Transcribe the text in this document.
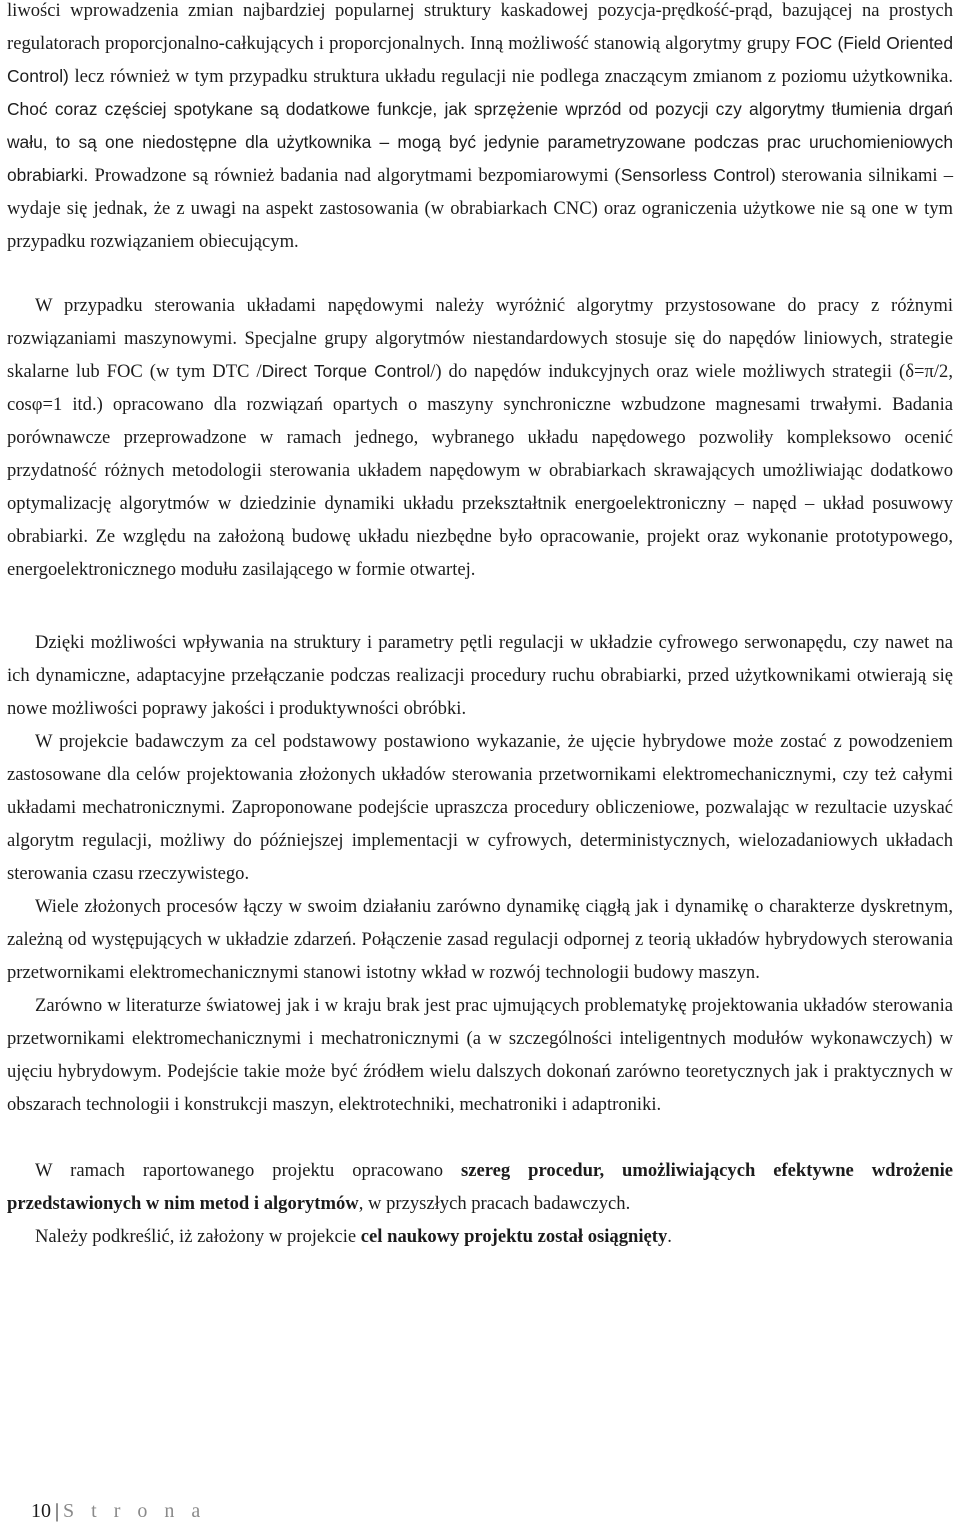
liwości wprowadzenia zmian najbardziej popularnej struktury kaskadowej pozycja-prędkość-prąd, bazującej na prostych regulatorach proporcjonalno-całkujących i proporcjonalnych. Inną możliwość stanowią algorytmy grupy FOC (Field Oriented Control) lecz również w tym przypadku struktura układu regulacji nie podlega znaczącym zmianom z poziomu użytkownika. Choć coraz częściej spotykane są dodatkowe funkcje, jak sprzężenie wprzód od pozycji czy algorytmy tłumienia drgań wału, to są one niedostępne dla użytkownika – mogą być jedynie parametryzowane podczas prac uruchomieniowych obrabiarki. Prowadzone są również badania nad algorytmami bezpomiarowymi (Sensorless Control) sterowania silnikami – wydaje się jednak, że z uwagi na aspekt zastosowania (w obrabiarkach CNC) oraz ograniczenia użytkowe nie są one w tym przypadku rozwiązaniem obiecującym.

W przypadku sterowania układami napędowymi należy wyróżnić algorytmy przystosowane do pracy z różnymi rozwiązaniami maszynowymi. Specjalne grupy algorytmów niestandardowych stosuje się do napędów liniowych, strategie skalarne lub FOC (w tym DTC /Direct Torque Control/) do napędów indukcyjnych oraz wiele możliwych strategii (δ=π/2, cosφ=1 itd.) opracowano dla rozwiązań opartych o maszyny synchroniczne wzbudzone magnesami trwałymi. Badania porównawcze przeprowadzone w ramach jednego, wybranego układu napędowego pozwoliły kompleksowo ocenić przydatność różnych metodologii sterowania układem napędowym w obrabiarkach skrawających umożliwiając dodatkowo optymalizację algorytmów w dziedzinie dynamiki układu przekształtnik energoelektroniczny – napęd – układ posuwowy obrabiarki. Ze względu na założoną budowę układu niezbędne było opracowanie, projekt oraz wykonanie prototypowego, energoelektronicznego modułu zasilającego w formie otwartej.

Dzięki możliwości wpływania na struktury i parametry pętli regulacji w układzie cyfrowego serwonapędu, czy nawet na ich dynamiczne, adaptacyjne przełączanie podczas realizacji procedury ruchu obrabiarki, przed użytkownikami otwierają się nowe możliwości poprawy jakości i produktywności obróbki.

W projekcie badawczym za cel podstawowy postawiono wykazanie, że ujęcie hybrydowe może zostać z powodzeniem zastosowane dla celów projektowania złożonych układów sterowania przetwornikami elektromechanicznymi, czy też całymi układami mechatronicznymi. Zaproponowane podejście upraszcza procedury obliczeniowe, pozwalając w rezultacie uzyskać algorytm regulacji, możliwy do późniejszej implementacji w cyfrowych, deterministycznych, wielozadaniowych układach sterowania czasu rzeczywistego.

Wiele złożonych procesów łączy w swoim działaniu zarówno dynamikę ciągłą jak i dynamikę o charakterze dyskretnym, zależną od występujących w układzie zdarzeń. Połączenie zasad regulacji odpornej z teorią układów hybrydowych sterowania przetwornikami elektromechanicznymi stanowi istotny wkład w rozwój technologii budowy maszyn.

Zarówno w literaturze światowej jak i w kraju brak jest prac ujmujących problematykę projektowania układów sterowania przetwornikami elektromechanicznymi i mechatronicznymi (a w szczególności inteligentnych modułów wykonawczych) w ujęciu hybrydowym. Podejście takie może być źródłem wielu dalszych dokonań zarówno teoretycznych jak i praktycznych w obszarach technologii i konstrukcji maszyn, elektrotechniki, mechatroniki i adaptroniki.

W ramach raportowanego projektu opracowano szereg procedur, umożliwiających efektywne wdrożenie przedstawionych w nim metod i algorytmów, w przyszłych pracach badawczych.

Należy podkreślić, iż założony w projekcie cel naukowy projektu został osiągnięty.

10 | S t r o n a
